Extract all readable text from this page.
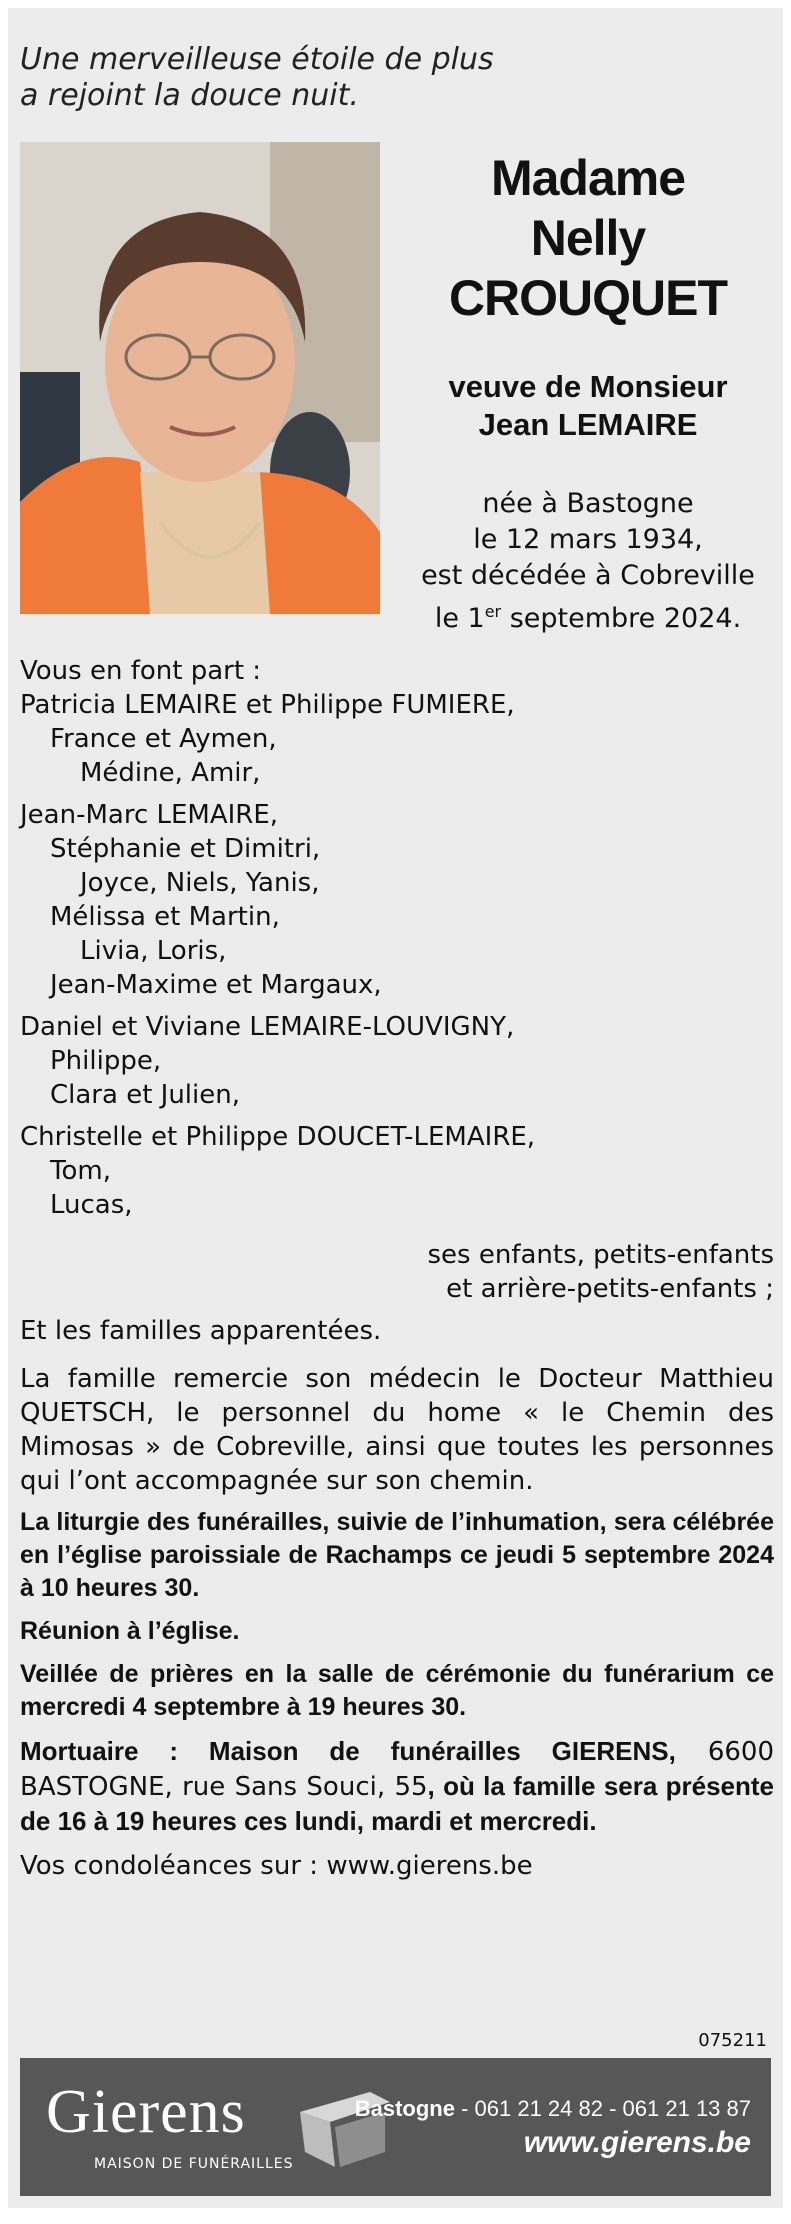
Une merveilleuse étoile de plus
a rejoint la douce nuit.
Madame
Nelly
CROUQUET
veuve de Monsieur
Jean LEMAIRE
née à Bastogne
le 12 mars 1934,
est décédée à Cobreville
le 1er septembre 2024.

Vous en font part :

Patricia LEMAIRE et Philippe FUMIERE,

France et Aymen,

Médine, Amir,

Jean-Marc LEMAIRE,

Stéphanie et Dimitri,

Joyce, Niels, Yanis,

Mélissa et Martin,

Livia, Loris,

Jean-Maxime et Margaux,

Daniel et Viviane LEMAIRE-LOUVIGNY,

Philippe,

Clara et Julien,

Christelle et Philippe DOUCET-LEMAIRE,

Tom,

Lucas,

ses enfants, petits-enfants

et arrière-petits-enfants ;

Et les familles apparentées.

La famille remercie son médecin le Docteur Matthieu QUETSCH, le personnel du home « le Chemin des Mimosas » de Cobreville, ainsi que toutes les personnes qui l’ont accompagnée sur son chemin.

La liturgie des funérailles, suivie de l’inhumation, sera célébrée en l’église paroissiale de Rachamps ce jeudi 5 septembre 2024 à 10 heures 30.

Réunion à l’église.

Veillée de prières en la salle de cérémonie du funérarium ce mercredi 4 septembre à 19 heures 30.

Mortuaire : Maison de funérailles GIERENS, 6600 BASTOGNE, rue Sans Souci, 55, où la famille sera présente de 16 à 19 heures ces lundi, mardi et mercredi.

Vos condoléances sur : www.gierens.be

075211
Gierens
MAISON DE FUNÉRAILLES
Bastogne - 061 21 24 82 - 061 21 13 87
www.gierens.be
